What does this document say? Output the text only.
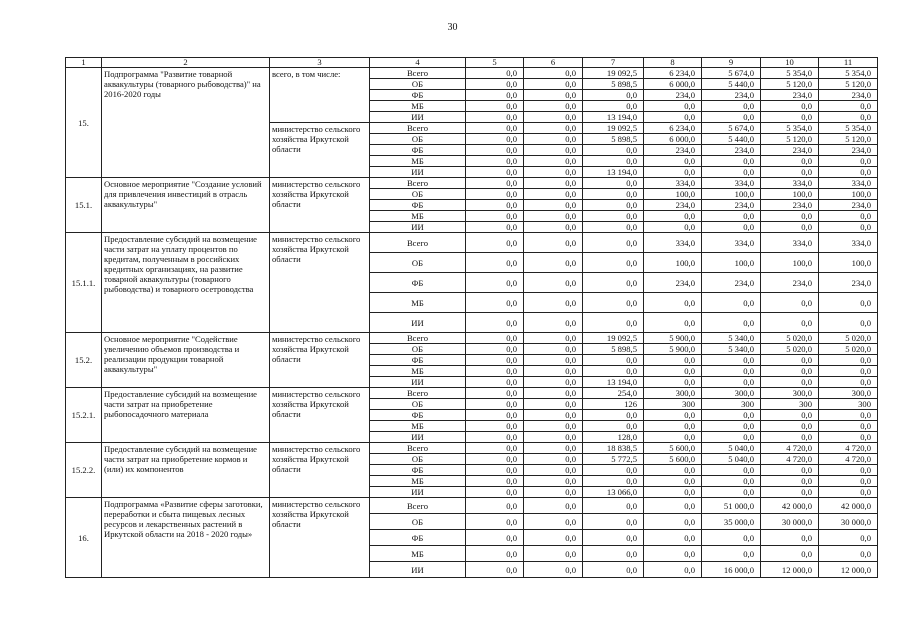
30
1	2	3	4	5	6	7	8	9	10	11
15.	Подпрограмма "Развитие товарной аквакультуры (товарного рыбоводства)" на 2016-2020 годы	всего, в том числе:	Всего	0,0	0,0	19 092,5	6 234,0	5 674,0	5 354,0	5 354,0
			ОБ	0,0	0,0	5 898,5	6 000,0	5 440,0	5 120,0	5 120,0
			ФБ	0,0	0,0	0,0	234,0	234,0	234,0	234,0
			МБ	0,0	0,0	0,0	0,0	0,0	0,0	0,0
			ИИ	0,0	0,0	13 194,0	0,0	0,0	0,0	0,0
		министерство сельского хозяйства Иркутской области	Всего	0,0	0,0	19 092,5	6 234,0	5 674,0	5 354,0	5 354,0
			ОБ	0,0	0,0	5 898,5	6 000,0	5 440,0	5 120,0	5 120,0
			ФБ	0,0	0,0	0,0	234,0	234,0	234,0	234,0
			МБ	0,0	0,0	0,0	0,0	0,0	0,0	0,0
			ИИ	0,0	0,0	13 194,0	0,0	0,0	0,0	0,0
15.1.	Основное мероприятие "Создание условий для привлечения инвестиций в отрасль аквакультуры"	министерство сельского хозяйства Иркутской области	Всего	0,0	0,0	0,0	334,0	334,0	334,0	334,0
			ОБ	0,0	0,0	0,0	100,0	100,0	100,0	100,0
			ФБ	0,0	0,0	0,0	234,0	234,0	234,0	234,0
			МБ	0,0	0,0	0,0	0,0	0,0	0,0	0,0
			ИИ	0,0	0,0	0,0	0,0	0,0	0,0	0,0
15.1.1.	Предоставление субсидий на возмещение части затрат на уплату процентов по кредитам, полученным в российских кредитных организациях, на развитие товарной аквакультуры (товарного рыбоводства) и товарного осетроводства	министерство сельского хозяйства Иркутской области	Всего	0,0	0,0	0,0	334,0	334,0	334,0	334,0
			ОБ	0,0	0,0	0,0	100,0	100,0	100,0	100,0
			ФБ	0,0	0,0	0,0	234,0	234,0	234,0	234,0
			МБ	0,0	0,0	0,0	0,0	0,0	0,0	0,0
			ИИ	0,0	0,0	0,0	0,0	0,0	0,0	0,0
15.2.	Основное мероприятие "Содействие увеличению объемов производства и реализации продукции товарной аквакультуры"	министерство сельского хозяйства Иркутской области	Всего	0,0	0,0	19 092,5	5 900,0	5 340,0	5 020,0	5 020,0
			ОБ	0,0	0,0	5 898,5	5 900,0	5 340,0	5 020,0	5 020,0
			ФБ	0,0	0,0	0,0	0,0	0,0	0,0	0,0
			МБ	0,0	0,0	0,0	0,0	0,0	0,0	0,0
			ИИ	0,0	0,0	13 194,0	0,0	0,0	0,0	0,0
15.2.1.	Предоставление субсидий на возмещение части затрат на приобретение рыбопосадочного материала	министерство сельского хозяйства Иркутской области	Всего	0,0	0,0	254,0	300,0	300,0	300,0	300,0
			ОБ	0,0	0,0	126	300	300	300	300
			ФБ	0,0	0,0	0,0	0,0	0,0	0,0	0,0
			МБ	0,0	0,0	0,0	0,0	0,0	0,0	0,0
			ИИ	0,0	0,0	128,0	0,0	0,0	0,0	0,0
15.2.2.	Предоставление субсидий на возмещение части затрат на приобретение кормов и (или) их компонентов	министерство сельского хозяйства Иркутской области	Всего	0,0	0,0	18 838,5	5 600,0	5 040,0	4 720,0	4 720,0
			ОБ	0,0	0,0	5 772,5	5 600,0	5 040,0	4 720,0	4 720,0
			ФБ	0,0	0,0	0,0	0,0	0,0	0,0	0,0
			МБ	0,0	0,0	0,0	0,0	0,0	0,0	0,0
			ИИ	0,0	0,0	13 066,0	0,0	0,0	0,0	0,0
16.	Подпрограмма «Развитие сферы заготовки, переработки и сбыта пищевых лесных ресурсов и лекарственных растений в Иркутской области на 2018 - 2020 годы»	министерство сельского хозяйства Иркутской области	Всего	0,0	0,0	0,0	0,0	51 000,0	42 000,0	42 000,0
			ОБ	0,0	0,0	0,0	0,0	35 000,0	30 000,0	30 000,0
			ФБ	0,0	0,0	0,0	0,0	0,0	0,0	0,0
			МБ	0,0	0,0	0,0	0,0	0,0	0,0	0,0
			ИИ	0,0	0,0	0,0	0,0	16 000,0	12 000,0	12 000,0
